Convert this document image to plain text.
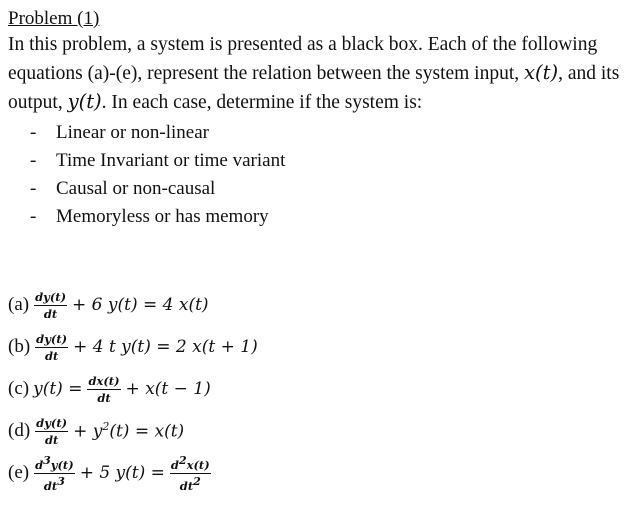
Problem (1)

In this problem, a system is presented as a black box. Each of the following equations (a)-(e), represent the relation between the system input, x(t), and its output, y(t). In each case, determine if the system is:

- Linear or non-linear
- Time Invariant or time variant
- Causal or non-causal
- Memoryless or has memory
$(a) \frac{dy(t)}{dt} + 6$ y(t) = 4 x(t)
$(b) \frac{dy(t)}{dt} + 4$ t y(t) = 2 x(t + 1)
(c) $y(t) = \frac{dx(t)}{dt} + x(t - 1)$
$(d) \frac{dy(t)}{dt} + y^2(t) = x(t)$
$(e) \frac{d^3y(t)}{dt^3} + 5$ $y(t) = \frac{d^2x(t)}{dt^2}$
